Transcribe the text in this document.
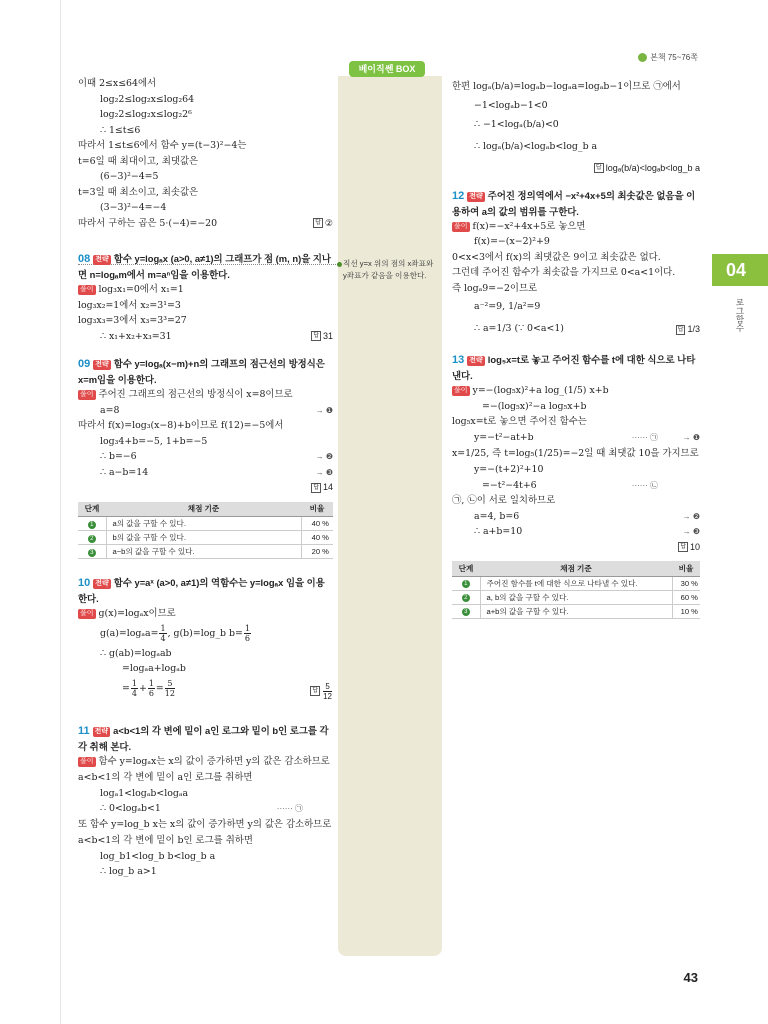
본책 75~76쪽
베이직쎈 BOX
직선 y=x 위의 점의 x좌표와 y좌표가 같음을 이용한다.	04
로그함수
이때 2≤x≤64에서
log₂2≤log₂x≤log₂64
log₂2≤log₂x≤log₂2⁶
∴ 1≤t≤6
따라서 1≤t≤6에서 함수 y=(t−3)²−4는
t=6일 때 최대이고, 최댓값은
(6−3)²−4=5
t=3일 때 최소이고, 최솟값은
(3−3)²−4=−4
따라서 구하는 곱은 5·(−4)=−20	답 ②
08 전략 함수 y=logₐx (a>0, a≠1)의 그래프가 점 (m, n)을 지나면 n=logₐm에서 m=aⁿ임을 이용한다.
풀이 log₃x₁=0에서 x₁=1
log₃x₂=1에서 x₂=3¹=3
log₃x₃=3에서 x₃=3³=27
∴ x₁+x₂+x₃=31	답 31
09 전략 함수 y=logₐ(x−m)+n의 그래프의 점근선의 방정식은 x=m임을 이용한다.
풀이 주어진 그래프의 점근선의 방정식이 x=8이므로
a=8	→ ❶
따라서 f(x)=log₃(x−8)+b이므로 f(12)=−5에서
log₃4+b=−5, 1+b=−5
∴ b=−6	→ ❷
∴ a−b=14	→ ❸
답 14

단계	채점 기준	비율
1	a의 값을 구할 수 있다.	40 %
2	b의 값을 구할 수 있다.	40 %
3	a−b의 값을 구할 수 있다.	20 %
10 전략 함수 y=aˣ (a>0, a≠1)의 역함수는 y=logₐx 임을 이용한다.
풀이 g(x)=logₐx이므로
$g(a)=\log_aa= \frac{1}{4}$ , g(b)=log_b $b= \frac{1}{6}$
∴ g(ab)=logₐab
=logₐa+logₐb
= $\frac{1}{4} + \frac{1}{6} = \frac{5}{12}$	답 $\frac{5}{12}$
11 전략 a<b<1의 각 변에 밑이 a인 로그와 밑이 b인 로그를 각각 취해 본다.
풀이 함수 y=logₐx는 x의 값이 증가하면 y의 값은 감소하므로 a<b<1의 각 변에 밑이 a인 로그를 취하면
logₐ1<logₐb<logₐa
∴ 0<logₐb<1	······ ㉠
또 함수 y=log_b x는 x의 값이 증가하면 y의 값은 감소하므로 a<b<1의 각 변에 밑이 b인 로그를 취하면
log_b1<log_b b<log_b a
∴ log_b a>1
한편 logₐ(b/a)=logₐb−logₐa=logₐb−1이므로 ㉠에서
−1<logₐb−1<0
∴ −1<logₐ(b/a)<0
∴ logₐ(b/a)<logₐb<log_b a
답 logₐ(b/a)<logₐb<log_b a

12 전략 주어진 정의역에서 −x²+4x+5의 최솟값은 없음을 이용하여 a의 값의 범위를 구한다.
풀이 f(x)=−x²+4x+5로 놓으면
f(x)=−(x−2)²+9
0<x<3에서 f(x)의 최댓값은 9이고 최솟값은 없다.
그런데 주어진 함수가 최솟값을 가지므로 0<a<1이다.
즉 logₐ9=−2이므로
a⁻²=9, 1/a²=9
∴ a=1/3 (∵ 0<a<1)	답 1/3
13 전략 log₅x=t로 놓고 주어진 함수를 t에 대한 식으로 나타낸다.
풀이 y=−(log₅x)²+a log_(1/5) x+b
=−(log₅x)²−a log₅x+b
log₅x=t로 놓으면 주어진 함수는
y=−t²−at+b	······ ㉠	→ ❶
x=1/25, 즉 t=log₅(1/25)=−2일 때 최댓값 10을 가지므로
y=−(t+2)²+10
=−t²−4t+6	······ ㉡
㉠, ㉡이 서로 일치하므로
a=4, b=6	→ ❷
∴ a+b=10	→ ❸
답 10

단계	채점 기준	비율
1	주어진 함수를 t에 대한 식으로 나타낼 수 있다.	30 %
2	a, b의 값을 구할 수 있다.	60 %
3	a+b의 값을 구할 수 있다.	10 %
43
